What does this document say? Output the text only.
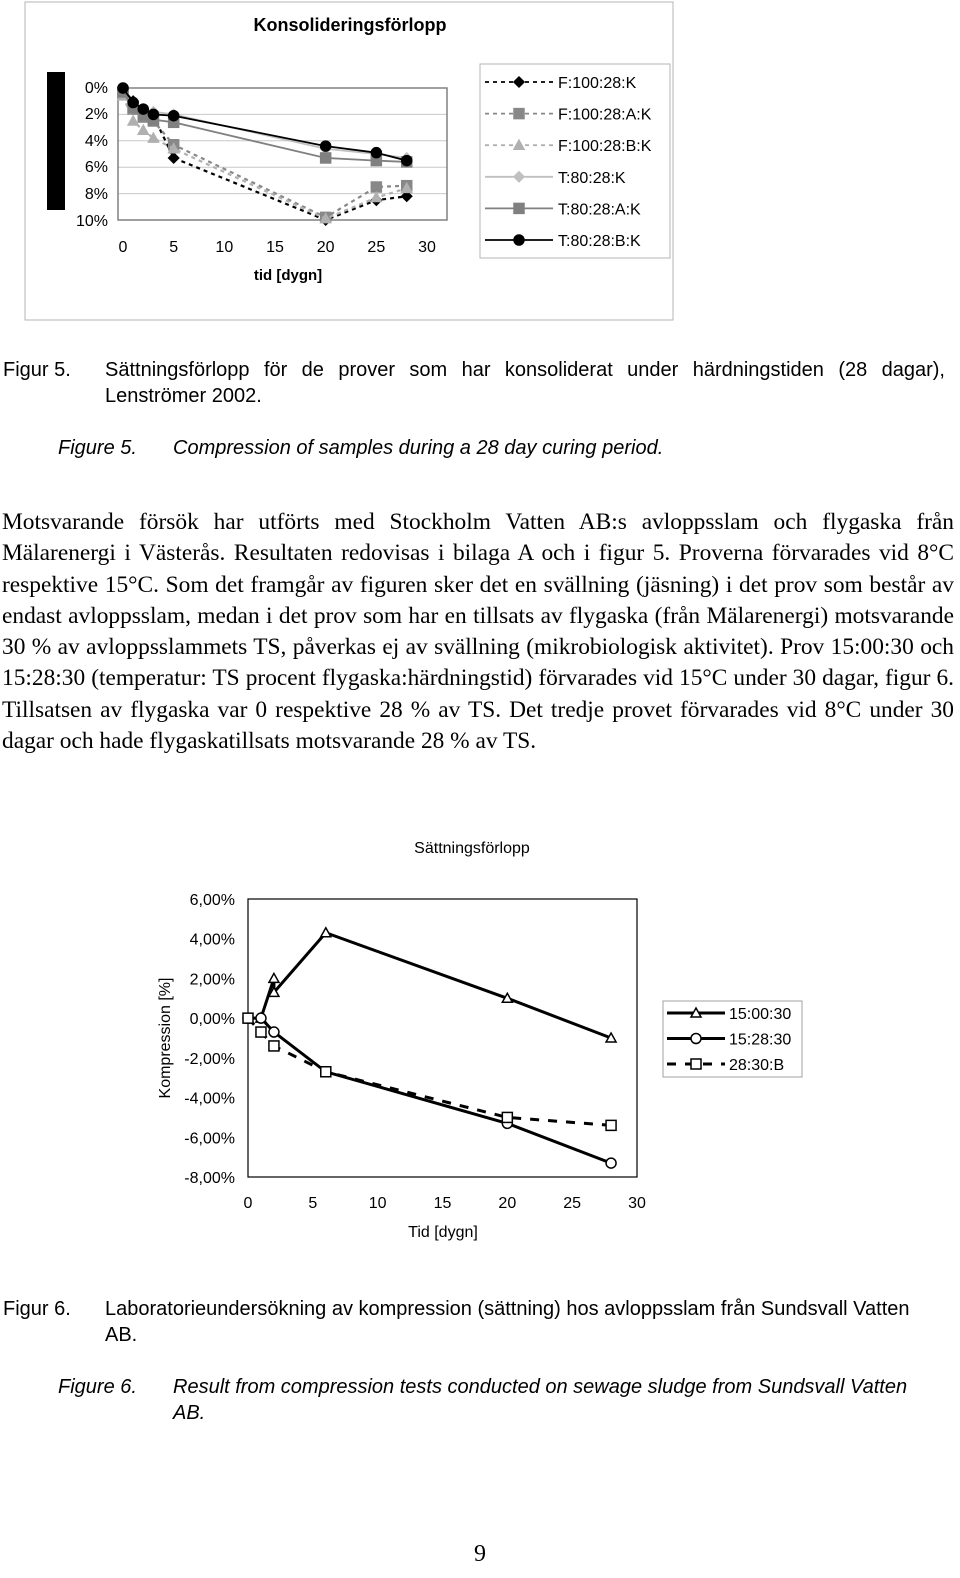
Konsolideringsförlopp
0%
2%
4%
6%
8%
10%
0	5 10 15 20 25 30
tid [dygn]
F:100:28:K
F:100:28:A:K
F:100:28:B:K
T:80:28:K
T:80:28:A:K
T:80:28:B:K
Figur 5. Sättningsförlopp för de prover som har konsoliderat under härdningstiden (28 dagar), Lenströmer 2002.
Figure 5. Compression of samples during a 28 day curing period.

Motsvarande försök har utförts med Stockholm Vatten AB:s avloppsslam och flygaska från Mälarenergi i Västerås. Resultaten redovisas i bilaga A och i figur 5. Proverna förvarades vid 8°C respektive 15°C. Som det framgår av figuren sker det en svällning (jäsning) i det prov som består av endast avloppsslam, medan i det prov som har en tillsats av flygaska (från Mälarenergi) motsvarande 30 % av avloppsslammets TS, påverkas ej av svällning (mikrobiologisk aktivitet). Prov 15:00:30 och 15:28:30 (temperatur: TS procent flygaska:härdningstid) förvarades vid 15°C under 30 dagar, figur 6. Tillsatsen av flygaska var 0 respektive 28 % av TS. Det tredje provet förvarades vid 8°C under 30 dagar och hade flygaskatillsats motsvarande 28 % av TS.

Sättningsförlopp
6,00%
4,00%
2,00%
0,00%
-2,00%
-4,00%
-6,00%
-8,00%
0	5	10	15	20	25	30
Tid [dygn]
Kompression [%]	15:00:30
15:28:30
28:30:B
Figur 6. Laboratorieundersökning av kompression (sättning) hos avloppsslam från Sundsvall Vatten AB.
Figure 6. Result from compression tests conducted on sewage sludge from Sundsvall Vatten AB.
9
